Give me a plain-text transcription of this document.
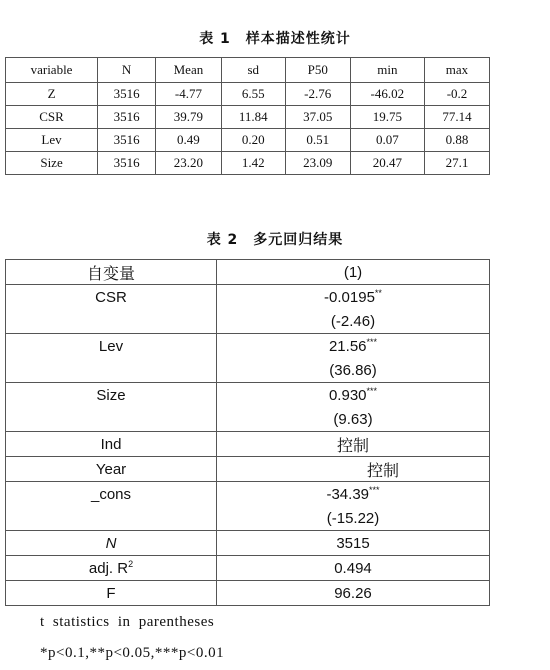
表 1　样本描述性统计
variable	N	Mean	sd	P50	min	max
Z	3516	-4.77	6.55	-2.76	-46.02	-0.2
CSR	3516	39.79	11.84	37.05	19.75	77.14
Lev	3516	0.49	0.20	0.51	0.07	0.88
Size	3516	23.20	1.42	23.09	20.47	27.1
表 2　多元回归结果
自变量	(1)
CSR	-0.0195**
	(-2.46)
Lev	21.56***
	(36.86)
Size	0.930***
	(9.63)
Ind	控制
Year	控制
_cons	-34.39***
	(-15.22)
N	3515
adj. $R^2$	0.494
F	96.26
t statistics in parentheses
*p<0.1,**p<0.05,***p<0.01
